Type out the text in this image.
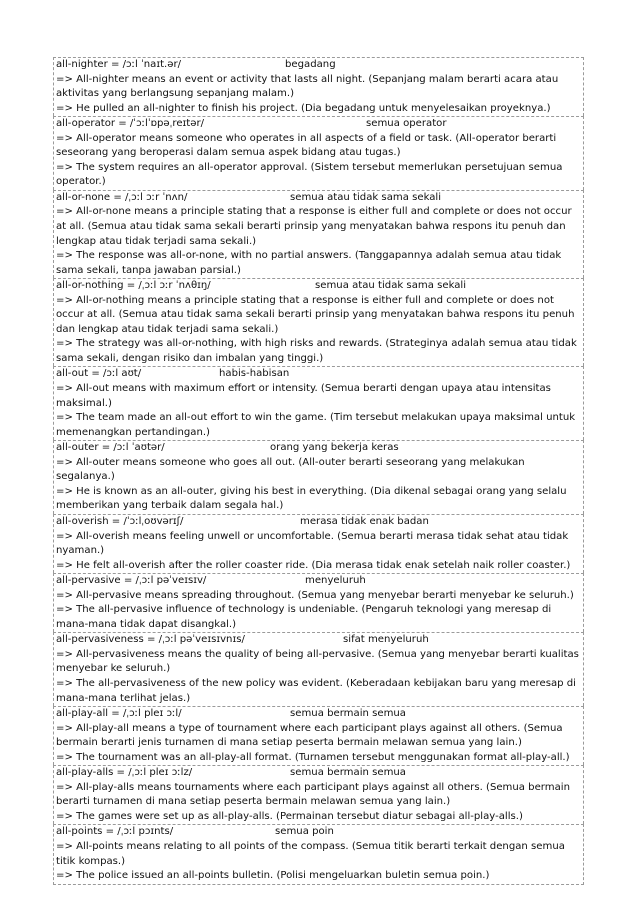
all-nighter = /ɔːl ˈnaɪt.ər/	begadang
=> All-nighter means an event or activity that lasts all night. (Sepanjang malam berarti acara atau aktivitas yang berlangsung sepanjang malam.)
=> He pulled an all-nighter to finish his project. (Dia begadang untuk menyelesaikan proyeknya.)
all-operator = /ˈɔːlˈɒpəˌreɪtər/	semua operator
=> All-operator means someone who operates in all aspects of a field or task. (All-operator berarti seseorang yang beroperasi dalam semua aspek bidang atau tugas.)
=> The system requires an all-operator approval. (Sistem tersebut memerlukan persetujuan semua operator.)
all-or-none = /ˌɔːl ɔːr ˈnʌn/	semua atau tidak sama sekali
=> All-or-none means a principle stating that a response is either full and complete or does not occur at all. (Semua atau tidak sama sekali berarti prinsip yang menyatakan bahwa respons itu penuh dan lengkap atau tidak terjadi sama sekali.)
=> The response was all-or-none, with no partial answers. (Tanggapannya adalah semua atau tidak sama sekali, tanpa jawaban parsial.)
all-or-nothing = /ˌɔːl ɔːr ˈnʌθɪŋ/	semua atau tidak sama sekali
=> All-or-nothing means a principle stating that a response is either full and complete or does not occur at all. (Semua atau tidak sama sekali berarti prinsip yang menyatakan bahwa respons itu penuh dan lengkap atau tidak terjadi sama sekali.)
=> The strategy was all-or-nothing, with high risks and rewards. (Strateginya adalah semua atau tidak sama sekali, dengan risiko dan imbalan yang tinggi.)
all-out = /ɔːl aʊt/	habis-habisan
=> All-out means with maximum effort or intensity. (Semua berarti dengan upaya atau intensitas maksimal.)
=> The team made an all-out effort to win the game. (Tim tersebut melakukan upaya maksimal untuk memenangkan pertandingan.)
all-outer = /ɔːl ˈaʊtər/	orang yang bekerja keras
=> All-outer means someone who goes all out. (All-outer berarti seseorang yang melakukan segalanya.)
=> He is known as an all-outer, giving his best in everything. (Dia dikenal sebagai orang yang selalu memberikan yang terbaik dalam segala hal.)
all-overish = /ˈɔːlˌoʊvərɪʃ/	merasa tidak enak badan
=> All-overish means feeling unwell or uncomfortable. (Semua berarti merasa tidak sehat atau tidak nyaman.)
=> He felt all-overish after the roller coaster ride. (Dia merasa tidak enak setelah naik roller coaster.)
all-pervasive = /ˌɔːl pəˈveɪsɪv/	menyeluruh
=> All-pervasive means spreading throughout. (Semua yang menyebar berarti menyebar ke seluruh.)
=> The all-pervasive influence of technology is undeniable. (Pengaruh teknologi yang meresap di mana-mana tidak dapat disangkal.)
all-pervasiveness = /ˌɔːl pəˈveɪsɪvnɪs/	sifat menyeluruh
=> All-pervasiveness means the quality of being all-pervasive. (Semua yang menyebar berarti kualitas menyebar ke seluruh.)
=> The all-pervasiveness of the new policy was evident. (Keberadaan kebijakan baru yang meresap di mana-mana terlihat jelas.)
all-play-all = /ˌɔːl pleɪ ɔːl/	semua bermain semua
=> All-play-all means a type of tournament where each participant plays against all others. (Semua bermain berarti jenis turnamen di mana setiap peserta bermain melawan semua yang lain.)
=> The tournament was an all-play-all format. (Turnamen tersebut menggunakan format all-play-all.)
all-play-alls = /ˌɔːl pleɪ ɔːlz/	semua bermain semua
=> All-play-alls means tournaments where each participant plays against all others. (Semua bermain berarti turnamen di mana setiap peserta bermain melawan semua yang lain.)
=> The games were set up as all-play-alls. (Permainan tersebut diatur sebagai all-play-alls.)
all-points = /ˌɔːl pɔɪnts/	semua poin
=> All-points means relating to all points of the compass. (Semua titik berarti terkait dengan semua titik kompas.)
=> The police issued an all-points bulletin. (Polisi mengeluarkan buletin semua poin.)
